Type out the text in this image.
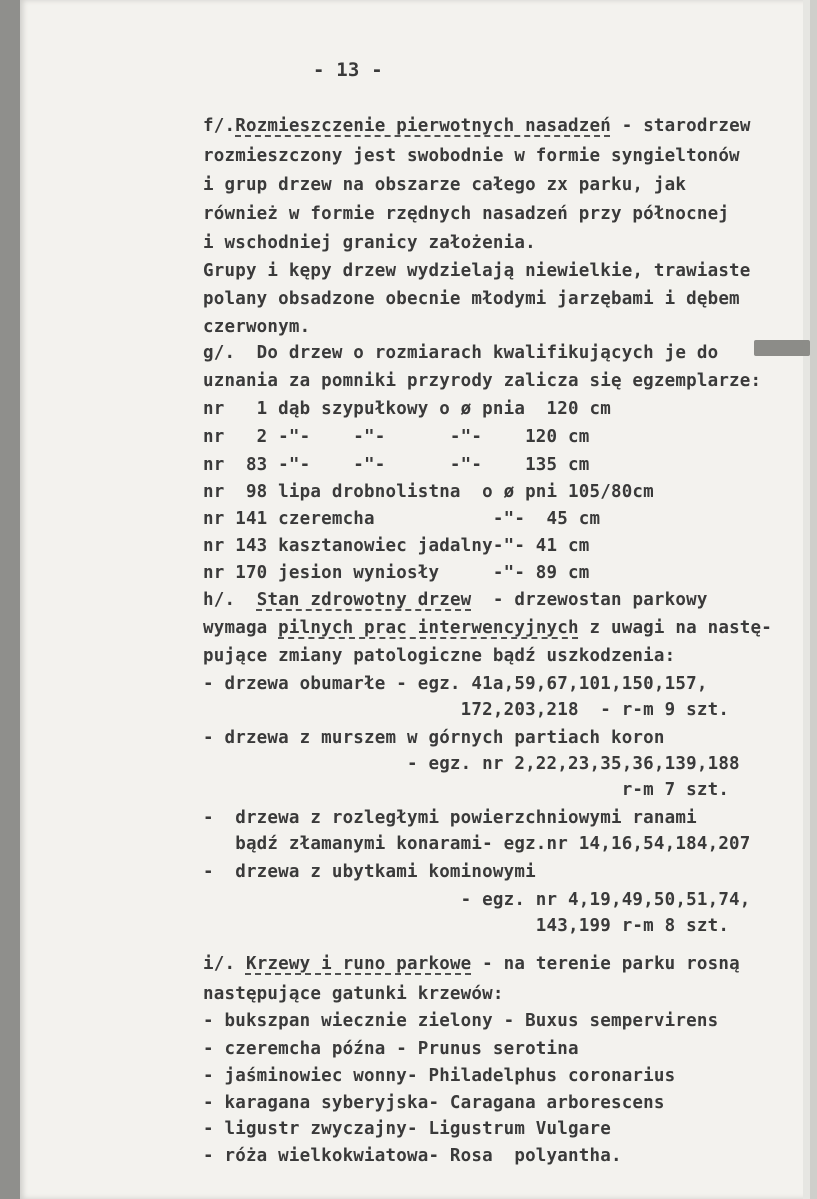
- 13 -
f/.Rozmieszczenie pierwotnych nasadzeń - starodrzew
rozmieszczony jest swobodnie w formie syngieltonów
i grup drzew na obszarze całego zx parku, jak
również w formie rzędnych nasadzeń przy północnej
i wschodniej granicy założenia.
Grupy i kępy drzew wydzielają niewielkie, trawiaste
polany obsadzone obecnie młodymi jarzębami i dębem
czerwonym.
g/.  Do drzew o rozmiarach kwalifikujących je do
uznania za pomniki przyrody zalicza się egzemplarze:
nr   1 dąb szypułkowy o ø pnia  120 cm
nr   2 -"-    -"-      -"-    120 cm
nr  83 -"-    -"-      -"-    135 cm
nr  98 lipa drobnolistna  o ø pni 105/80cm
nr 141 czeremcha           -"-  45 cm
nr 143 kasztanowiec jadalny-"- 41 cm
nr 170 jesion wyniosły     -"- 89 cm
h/. Stan zdrowotny drzew  - drzewostan parkowy
wymaga pilnych prac interwencyjnych z uwagi na nastę-
pujące zmiany patologiczne bądź uszkodzenia:
- drzewa obumarłe - egz. 41a,59,67,101,150,157,
172,203,218  - r-m 9 szt.
- drzewa z murszem w górnych partiach koron
- egz. nr 2,22,23,35,36,139,188
r-m 7 szt.
-  drzewa z rozległymi powierzchniowymi ranami
bądź złamanymi konarami- egz.nr 14,16,54,184,207
-  drzewa z ubytkami kominowymi
- egz. nr 4,19,49,50,51,74,
143,199 r-m 8 szt.
i/. Krzewy i runo parkowe - na terenie parku rosną
następujące gatunki krzewów:
- bukszpan wiecznie zielony - Buxus sempervirens
- czeremcha późna - Prunus serotina
- jaśminowiec wonny- Philadelphus coronarius
- karagana syberyjska- Caragana arborescens
- ligustr zwyczajny- Ligustrum Vulgare
- róża wielkokwiatowa- Rosa  polyantha.
